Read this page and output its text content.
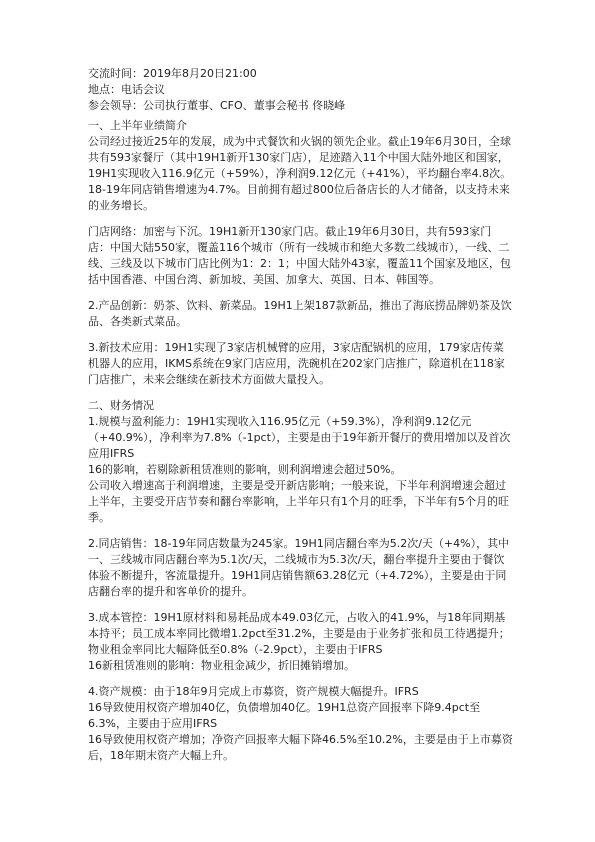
交流时间：2019年8月20日21:00

地点：电话会议

参会领导：公司执行董事、CFO、董事会秘书 佟晓峰

一、上半年业绩简介

公司经过接近25年的发展，成为中式餐饮和火锅的领先企业。截止19年6月30日，全球共有593家餐厅（其中19H1新开130家门店），足迹踏入11个中国大陆外地区和国家，19H1实现收入116.9亿元（+59%），净利润9.12亿元（+41%），平均翻台率4.8次。18-19年同店销售增速为4.7%。目前拥有超过800位后备店长的人才储备，以支持未来的业务增长。

门店网络：加密与下沉。19H1新开130家门店。截止19年6月30日，共有593家门店：中国大陆550家，覆盖116个城市（所有一线城市和绝大多数二线城市），一线、二线、三线及以下城市门店比例为1：2：1；中国大陆外43家，覆盖11个国家及地区，包括中国香港、中国台湾、新加坡、美国、加拿大、英国、日本、韩国等。

2.产品创新：奶茶、饮料、新菜品。19H1上架187款新品，推出了海底捞品牌奶茶及饮品、各类新式菜品。

3.新技术应用：19H1实现了3家店机械臂的应用，3家店配锅机的应用，179家店传菜机器人的应用，IKMS系统在9家门店应用，洗碗机在202家门店推广，除道机在118家门店推广，未来会继续在新技术方面做大量投入。

二、财务情况

1.规模与盈利能力：19H1实现收入116.95亿元（+59.3%），净利润9.12亿元（+40.9%），净利率为7.8%（-1pct），主要是由于19年新开餐厅的费用增加以及首次应用IFRS

16的影响，若剔除新租赁准则的影响，则利润增速会超过50%。

公司收入增速高于利润增速，主要是受开新店影响；一般来说，下半年利润增速会超过上半年，主要受开店节奏和翻台率影响，上半年只有1个月的旺季，下半年有5个月的旺季。

2.同店销售：18-19年同店数量为245家。19H1同店翻台率为5.2次/天（+4%），其中一、三线城市同店翻台率为5.1次/天，二线城市为5.3次/天，翻台率提升主要由于餐饮体验不断提升，客流量提升。19H1同店销售额63.28亿元（+4.72%），主要是由于同店翻台率的提升和客单价的提升。

3.成本管控：19H1原材料和易耗品成本49.03亿元，占收入的41.9%，与18年同期基本持平；员工成本率同比微增1.2pct至31.2%，主要是由于业务扩张和员工待遇提升；物业租金率同比大幅降低至0.8%（-2.9pct），主要由于IFRS

16新租赁准则的影响：物业租金减少，折旧摊销增加。

4.资产规模：由于18年9月完成上市募资，资产规模大幅提升。IFRS

16导致使用权资产增加40亿，负债增加40亿。19H1总资产回报率下降9.4pct至6.3%，主要由于应用IFRS

16导致使用权资产增加；净资产回报率大幅下降46.5%至10.2%，主要是由于上市募资后，18年期末资产大幅上升。
